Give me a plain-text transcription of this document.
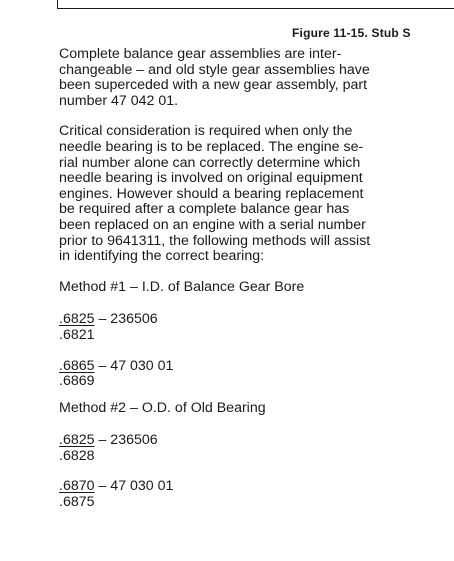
Figure 11-15. Stub S

Complete balance gear assemblies are inter-
changeable – and old style gear assemblies have
been superceded with a new gear assembly, part
number 47 042 01.

Critical consideration is required when only the
needle bearing is to be replaced. The engine se-
rial number alone can correctly determine which
needle bearing is involved on original equipment
engines. However should a bearing replacement
be required after a complete balance gear has
been replaced on an engine with a serial number
prior to 9641311, the following methods will assist
in identifying the correct bearing:

Method #1 – I.D. of Balance Gear Bore

.6825 – 236506
.6821
.6865 – 47 030 01
.6869

Method #2 – O.D. of Old Bearing

.6825 – 236506
.6828
.6870 – 47 030 01
.6875
